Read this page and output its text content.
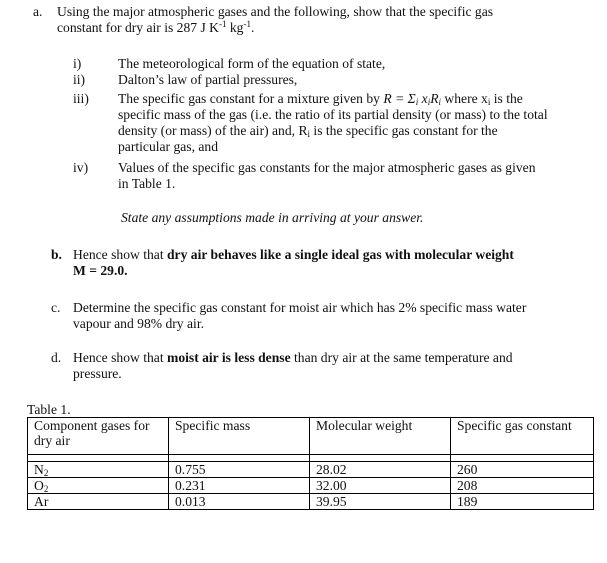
a. Using the major atmospheric gases and the following, show that the specific gas
constant for dry air is 287 J $K^{-1}$ $kg^{-1}$.
i)	The meteorological form of the equation of state,
ii) Dalton’s law of partial pressures,
iii) The specific gas constant for a mixture given by $R = \Sigma_i$ $x_iR_i$ where $x_i$ is the
specific mass of the gas (i.e. the ratio of its partial density (or mass) to the total
density (or mass) of the air) and, $R_i$ is the specific gas constant for the
particular gas, and
iv) Values of the specific gas constants for the major atmospheric gases as given
in Table 1.
State any assumptions made in arriving at your answer.
b. Hence show that dry air behaves like a single ideal gas with molecular weight
M = 29.0.
c. Determine the specific gas constant for moist air which has 2% specific mass water
vapour and 98% dry air.
d. Hence show that moist air is less dense than dry air at the same temperature and
pressure.
Table 1.
Component gases for dry air	Specific mass	Molecular weight	Specific gas constant

$N_2$	0.755	28.02	260
$O_2$	0.231	32.00	208
Ar	0.013	39.95	189
